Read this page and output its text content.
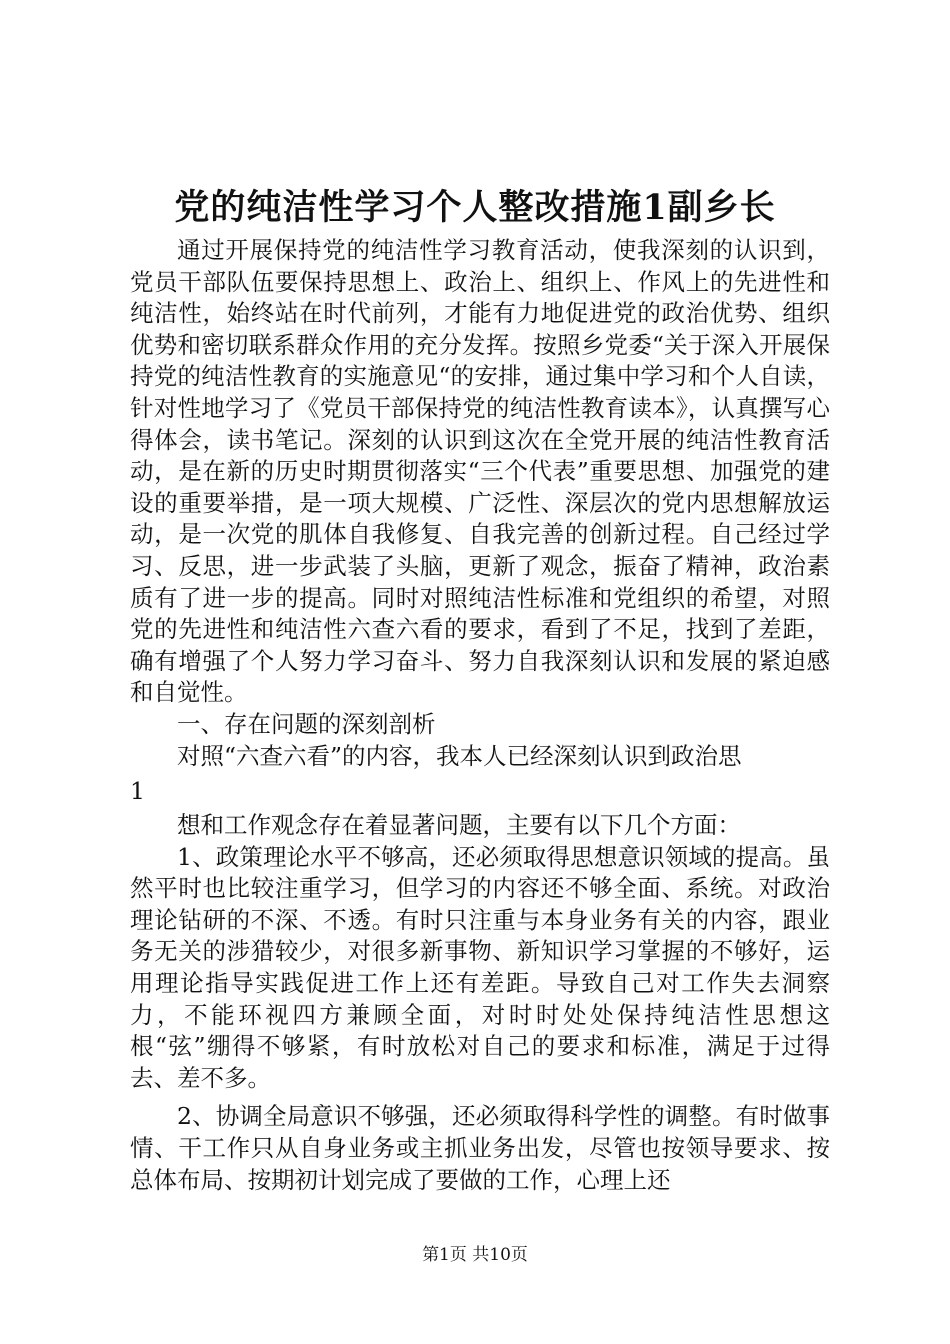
党的纯洁性学习个人整改措施1副乡长

通过开展保持党的纯洁性学习教育活动，使我深刻的认识到，党员干部队伍要保持思想上、政治上、组织上、作风上的先进性和纯洁性，始终站在时代前列，才能有力地促进党的政治优势、组织优势和密切联系群众作用的充分发挥。按照乡党委“关于深入开展保持党的纯洁性教育的实施意见“的安排，通过集中学习和个人自读，针对性地学习了《党员干部保持党的纯洁性教育读本》，认真撰写心得体会，读书笔记。深刻的认识到这次在全党开展的纯洁性教育活动，是在新的历史时期贯彻落实“三个代表”重要思想、加强党的建设的重要举措，是一项大规模、广泛性、深层次的党内思想解放运动，是一次党的肌体自我修复、自我完善的创新过程。自己经过学习、反思，进一步武装了头脑，更新了观念，振奋了精神，政治素质有了进一步的提高。同时对照纯洁性标准和党组织的希望，对照党的先进性和纯洁性六查六看的要求，看到了不足，找到了差距，确有增强了个人努力学习奋斗、努力自我深刻认识和发展的紧迫感和自觉性。

一、存在问题的深刻剖析

对照“六查六看”的内容，我本人已经深刻认识到政治思

1

想和工作观念存在着显著问题，主要有以下几个方面：

1、政策理论水平不够高，还必须取得思想意识领域的提高。虽然平时也比较注重学习，但学习的内容还不够全面、系统。对政治理论钻研的不深、不透。有时只注重与本身业务有关的内容，跟业务无关的涉猎较少，对很多新事物、新知识学习掌握的不够好，运用理论指导实践促进工作上还有差距。导致自己对工作失去洞察力，不能环视四方兼顾全面，对时时处处保持纯洁性思想这根“弦”绷得不够紧，有时放松对自己的要求和标准，满足于过得去、差不多。

2、协调全局意识不够强，还必须取得科学性的调整。有时做事情、干工作只从自身业务或主抓业务出发，尽管也按领导要求、按总体布局、按期初计划完成了要做的工作，心理上还

第1页 共10页
